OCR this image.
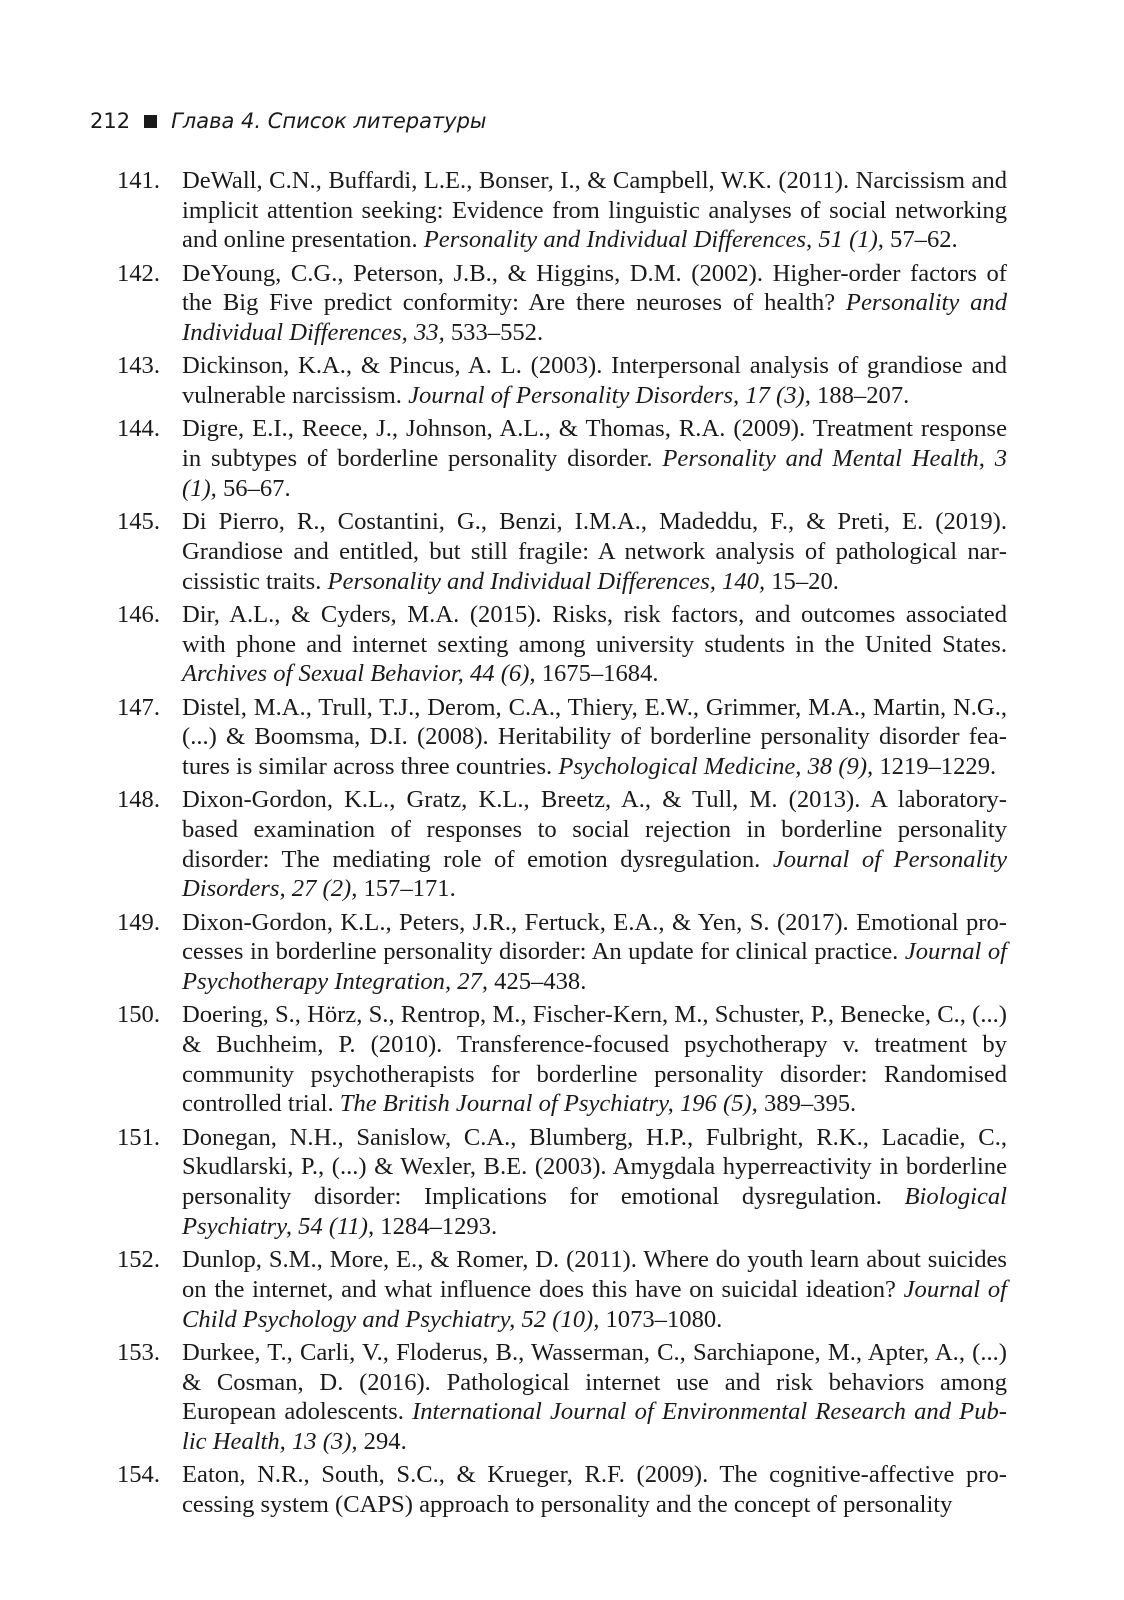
212 Глава 4. Список литературы
141. DeWall, C.N., Buffardi, L.E., Bonser, I., & Campbell, W.K. (2011). Narcissism and implicit attention seeking: Evidence from linguistic analyses of social networking and online presentation. Personality and Individual Differences, 51 (1), 57–62.
142. DeYoung, C.G., Peterson, J.B., & Higgins, D.M. (2002). Higher-order factors of the Big Five predict conformity: Are there neuroses of health? Personality and Individual Differences, 33, 533–552.
143. Dickinson, K.A., & Pincus, A. L. (2003). Interpersonal analysis of grandiose and vulnerable narcissism. Journal of Personality Disorders, 17 (3), 188–207.
144. Digre, E.I., Reece, J., Johnson, A.L., & Thomas, R.A. (2009). Treatment response in subtypes of borderline personality disorder. Personality and Mental Health, 3 (1), 56–67.
145. Di Pierro, R., Costantini, G., Benzi, I.M.A., Madeddu, F., & Preti, E. (2019). Grandiose and entitled, but still fragile: A network analysis of pathological narcissistic traits. Personality and Individual Differences, 140, 15–20.
146. Dir, A.L., & Cyders, M.A. (2015). Risks, risk factors, and outcomes associated with phone and internet sexting among university students in the United States. Archives of Sexual Behavior, 44 (6), 1675–1684.
147. Distel, M.A., Trull, T.J., Derom, C.A., Thiery, E.W., Grimmer, M.A., Martin, N.G., (...) & Boomsma, D.I. (2008). Heritability of borderline personality disorder features is similar across three countries. Psychological Medicine, 38 (9), 1219–1229.
148. Dixon-Gordon, K.L., Gratz, K.L., Breetz, A., & Tull, M. (2013). A laboratory-based examination of responses to social rejection in borderline personality disorder: The mediating role of emotion dysregulation. Journal of Personality Disorders, 27 (2), 157–171.
149. Dixon-Gordon, K.L., Peters, J.R., Fertuck, E.A., & Yen, S. (2017). Emotional processes in borderline personality disorder: An update for clinical practice. Journal of Psychotherapy Integration, 27, 425–438.
150. Doering, S., Hörz, S., Rentrop, M., Fischer-Kern, M., Schuster, P., Benecke, C., (...) & Buchheim, P. (2010). Transference-focused psychotherapy v. treatment by community psychotherapists for borderline personality disorder: Randomised controlled trial. The British Journal of Psychiatry, 196 (5), 389–395.
151. Donegan, N.H., Sanislow, C.A., Blumberg, H.P., Fulbright, R.K., Lacadie, C., Skudlarski, P., (...) & Wexler, B.E. (2003). Amygdala hyperreactivity in borderline personality disorder: Implications for emotional dysregulation. Biological Psychiatry, 54 (11), 1284–1293.
152. Dunlop, S.M., More, E., & Romer, D. (2011). Where do youth learn about suicides on the internet, and what influence does this have on suicidal ideation? Journal of Child Psychology and Psychiatry, 52 (10), 1073–1080.
153. Durkee, T., Carli, V., Floderus, B., Wasserman, C., Sarchiapone, M., Apter, A., (...) & Cosman, D. (2016). Pathological internet use and risk behaviors among European adolescents. International Journal of Environmental Research and Public Health, 13 (3), 294.
154. Eaton, N.R., South, S.C., & Krueger, R.F. (2009). The cognitive-affective processing system (CAPS) approach to personality and the concept of personality
